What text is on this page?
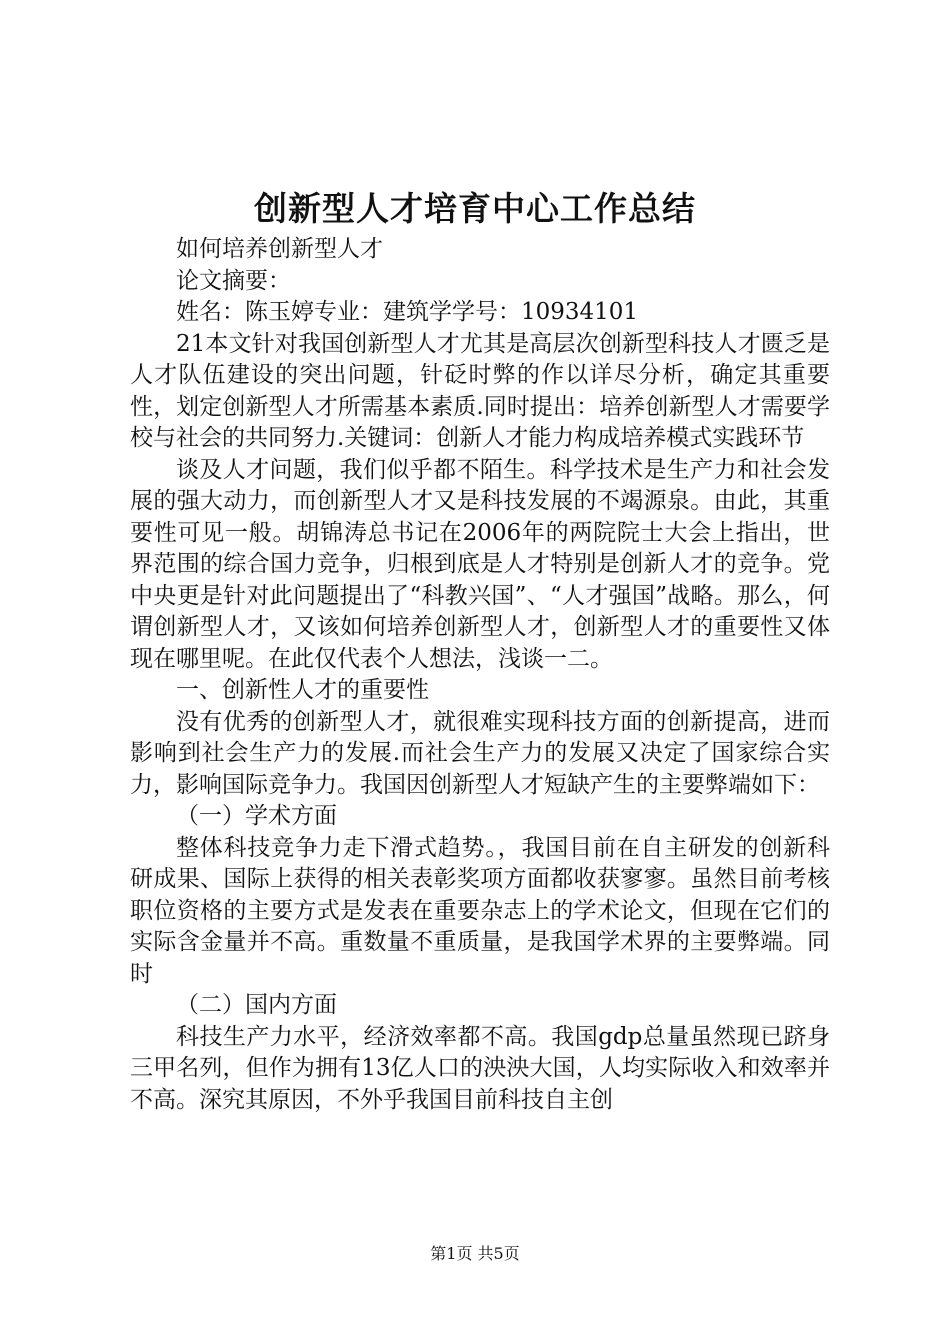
创新型人才培育中心工作总结

如何培养创新型人才

论文摘要：

姓名：陈玉婷专业：建筑学学号：10934101

21本文针对我国创新型人才尤其是高层次创新型科技人才匮乏是人才队伍建设的突出问题，针砭时弊的作以详尽分析，确定其重要性，划定创新型人才所需基本素质.同时提出：培养创新型人才需要学校与社会的共同努力.关键词：创新人才能力构成培养模式实践环节

谈及人才问题，我们似乎都不陌生。科学技术是生产力和社会发展的强大动力，而创新型人才又是科技发展的不竭源泉。由此，其重要性可见一般。胡锦涛总书记在2006年的两院院士大会上指出，世界范围的综合国力竞争，归根到底是人才特别是创新人才的竞争。党中央更是针对此问题提出了“科教兴国”、“人才强国”战略。那么，何谓创新型人才，又该如何培养创新型人才，创新型人才的重要性又体现在哪里呢。在此仅代表个人想法，浅谈一二。

一、创新性人才的重要性

没有优秀的创新型人才，就很难实现科技方面的创新提高，进而影响到社会生产力的发展.而社会生产力的发展又决定了国家综合实力，影响国际竞争力。我国因创新型人才短缺产生的主要弊端如下：

（一）学术方面

整体科技竞争力走下滑式趋势。，我国目前在自主研发的创新科研成果、国际上获得的相关表彰奖项方面都收获寥寥。虽然目前考核职位资格的主要方式是发表在重要杂志上的学术论文，但现在它们的实际含金量并不高。重数量不重质量，是我国学术界的主要弊端。同时

（二）国内方面

科技生产力水平，经济效率都不高。我国gdp总量虽然现已跻身三甲名列，但作为拥有13亿人口的泱泱大国，人均实际收入和效率并不高。深究其原因，不外乎我国目前科技自主创

第1页 共5页
